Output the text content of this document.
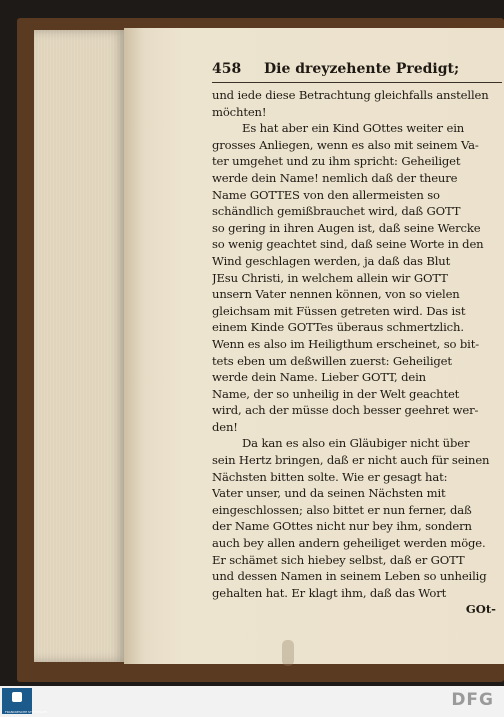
458 Die dreyzehente Predigt;
und iede diese Betrachtung gleichfalls anstellen
möchten!
Es hat aber ein Kind GOttes weiter ein
grosses Anliegen, wenn es also mit seinem Va-
ter umgehet und zu ihm spricht: Geheiliget
werde dein Name! nemlich daß der theure
Name GOTTES von den allermeisten so
schändlich gemißbrauchet wird, daß GOTT
so gering in ihren Augen ist, daß seine Wercke
so wenig geachtet sind, daß seine Worte in den
Wind geschlagen werden, ja daß das Blut
JEsu Christi, in welchem allein wir GOTT
unsern Vater nennen können, von so vielen
gleichsam mit Füssen getreten wird. Das ist
einem Kinde GOTTes überaus schmertzlich.
Wenn es also im Heiligthum erscheinet, so bit-
tets eben um deßwillen zuerst: Geheiliget
werde dein Name. Lieber GOTT, dein
Name, der so unheilig in der Welt geachtet
wird, ach der müsse doch besser geehret wer-
den!
Da kan es also ein Gläubiger nicht über
sein Hertz bringen, daß er nicht auch für seinen
Nächsten bitten solte. Wie er gesagt hat:
Vater unser, und da seinen Nächsten mit
eingeschlossen; also bittet er nun ferner, daß
der Name GOttes nicht nur bey ihm, sondern
auch bey allen andern geheiliget werden möge.
Er schämet sich hiebey selbst, daß er GOTT
und dessen Namen in seinem Leben so unheilig
gehalten hat. Er klagt ihm, daß das Wort
GOt-
FRANCKESCHE STIFTUNGEN
DFG
